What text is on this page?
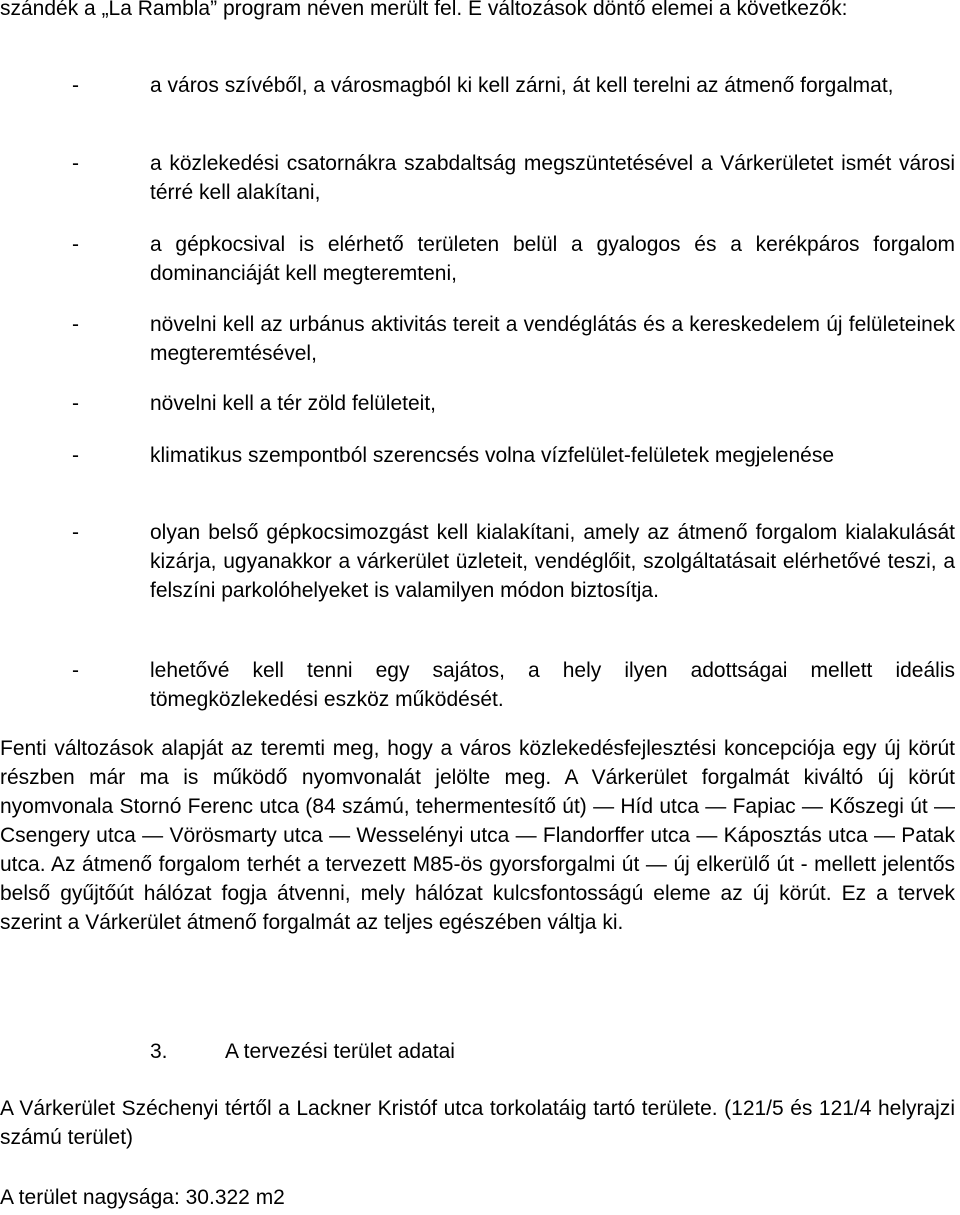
szándék a „La Rambla” program néven merült fel. E változások döntő elemei a következők:

-	a város szívéből, a városmagból ki kell zárni, át kell terelni az átmenő forgalmat,

-	a közlekedési csatornákra szabdaltság megszüntetésével a Várkerületet ismét városi térré kell alakítani,

-	a gépkocsival is elérhető területen belül a gyalogos és a kerékpáros forgalom dominanciáját kell megteremteni,

-	növelni kell az urbánus aktivitás tereit a vendéglátás és a kereskedelem új felületeinek megteremtésével,

-	növelni kell a tér zöld felületeit,

-	klimatikus szempontból szerencsés volna vízfelület-felületek megjelenése

-	olyan belső gépkocsimozgást kell kialakítani, amely az átmenő forgalom kialakulását kizárja, ugyanakkor a várkerület üzleteit, vendéglőit, szolgáltatásait elérhetővé teszi, a felszíni parkolóhelyeket is valamilyen módon biztosítja.

-	lehetővé kell tenni egy sajátos, a hely ilyen adottságai mellett ideális tömegközlekedési eszköz működését.

Fenti változások alapját az teremti meg, hogy a város közlekedésfejlesztési koncepciója egy új körút részben már ma is működő nyomvonalát jelölte meg. A Várkerület forgalmát kiváltó új körút nyomvonala Stornó Ferenc utca (84 számú, tehermentesítő út) — Híd utca — Fapiac — Kőszegi út — Csengery utca — Vörösmarty utca — Wesselényi utca — Flandorffer utca — Káposztás utca — Patak utca. Az átmenő forgalom terhét a tervezett M85-ös gyorsforgalmi út — új elkerülő út - mellett jelentős belső gyűjtőút hálózat fogja átvenni, mely hálózat kulcsfontosságú eleme az új körút. Ez a tervek szerint a Várkerület átmenő forgalmát az teljes egészében váltja ki.

3.	A tervezési terület adatai

A Várkerület Széchenyi tértől a Lackner Kristóf utca torkolatáig tartó területe. (121/5 és 121/4 helyrajzi számú terület)

A terület nagysága: 30.322 m2
